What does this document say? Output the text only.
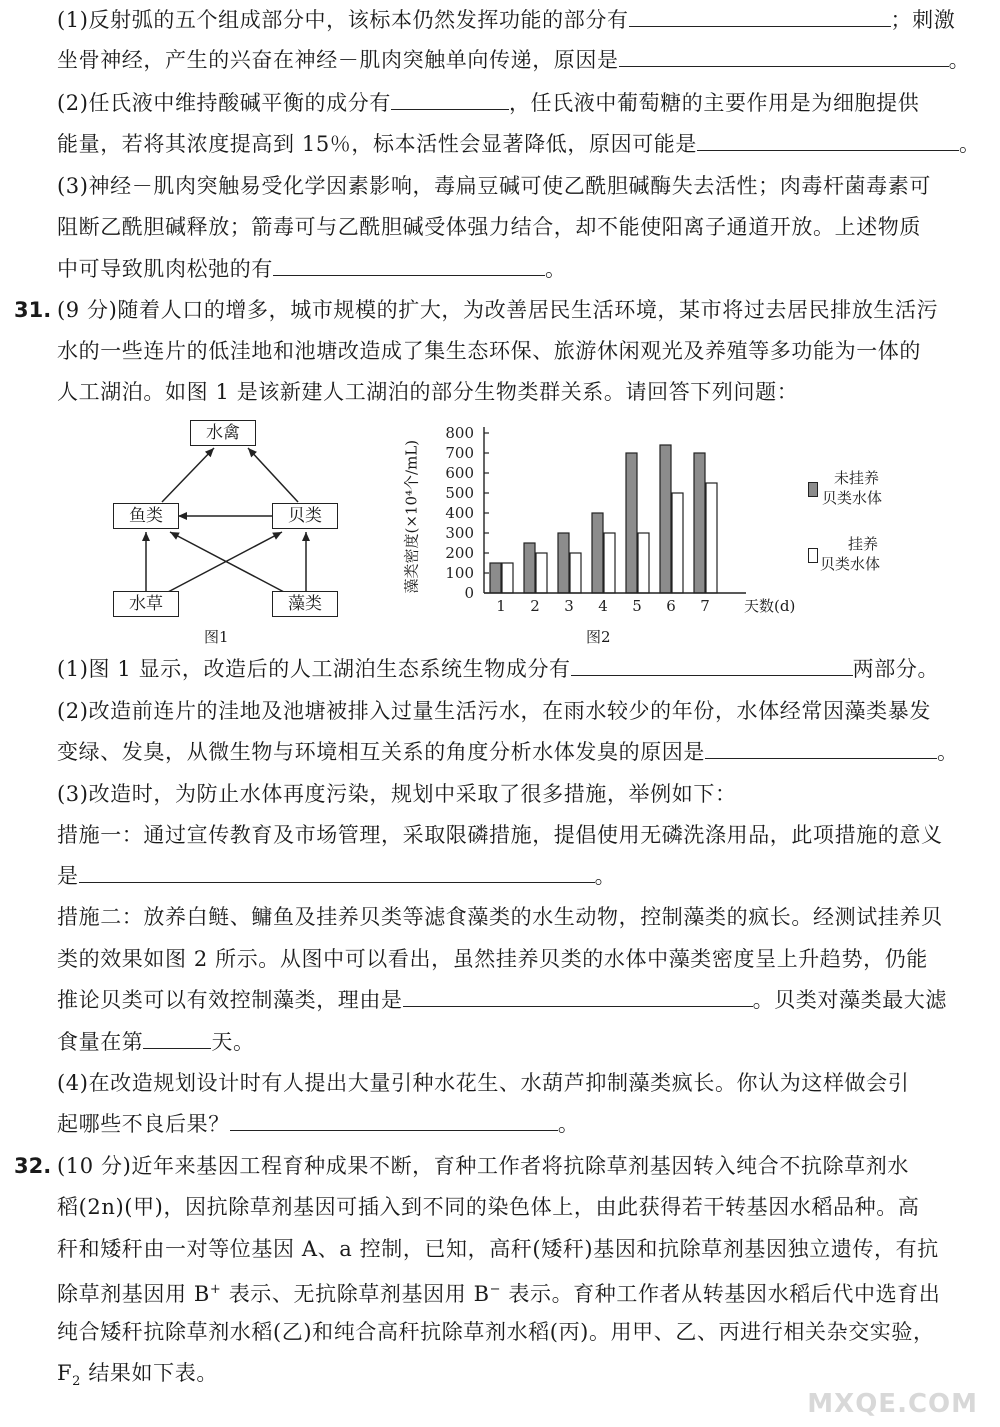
(1)反射弧的五个组成部分中，该标本仍然发挥功能的部分有	；刺激
坐骨神经，产生的兴奋在神经－肌肉突触单向传递，原因是	。
(2)任氏液中维持酸碱平衡的成分有	，任氏液中葡萄糖的主要作用是为细胞提供
能量，若将其浓度提高到 15％，标本活性会显著降低，原因可能是	。
(3)神经－肌肉突触易受化学因素影响，毒扁豆碱可使乙酰胆碱酶失去活性；肉毒杆菌毒素可
阻断乙酰胆碱释放；箭毒可与乙酰胆碱受体强力结合，却不能使阳离子通道开放。上述物质
中可导致肌肉松弛的有	。
31. (9 分)随着人口的增多，城市规模的扩大，为改善居民生活环境，某市将过去居民排放生活污
水的一些连片的低洼地和池塘改造成了集生态环保、旅游休闲观光及养殖等多功能为一体的
人工湖泊。如图 1 是该新建人工湖泊的部分生物类群关系。请回答下列问题：
水禽
鱼类	贝类
水草	藻类
图1
1 2 3 4 5 6 7
0
100
200
300
400
500
600
700
800
藻类密度(×10⁴个/mL)
天数(d)
未挂养
贝类水体
挂养
贝类水体
图2
(1)图 1 显示，改造后的人工湖泊生态系统生物成分有	两部分。
(2)改造前连片的洼地及池塘被排入过量生活污水，在雨水较少的年份，水体经常因藻类暴发
变绿、发臭，从微生物与环境相互关系的角度分析水体发臭的原因是	。
(3)改造时，为防止水体再度污染，规划中采取了很多措施，举例如下：
措施一：通过宣传教育及市场管理，采取限磷措施，提倡使用无磷洗涤用品，此项措施的意义
是	。
措施二：放养白鲢、鳙鱼及挂养贝类等滤食藻类的水生动物，控制藻类的疯长。经测试挂养贝
类的效果如图 2 所示。从图中可以看出，虽然挂养贝类的水体中藻类密度呈上升趋势，仍能
推论贝类可以有效控制藻类，理由是	。贝类对藻类最大滤
食量在第	天。
(4)在改造规划设计时有人提出大量引种水花生、水葫芦抑制藻类疯长。你认为这样做会引
起哪些不良后果？	。
32. (10 分)近年来基因工程育种成果不断，育种工作者将抗除草剂基因转入纯合不抗除草剂水
稻(2n)(甲)，因抗除草剂基因可插入到不同的染色体上，由此获得若干转基因水稻品种。高
秆和矮秆由一对等位基因 A、a 控制，已知，高秆(矮秆)基因和抗除草剂基因独立遗传，有抗
除草剂基因用 B+ 表示、无抗除草剂基因用 B− 表示。育种工作者从转基因水稻后代中选育出
纯合矮秆抗除草剂水稻(乙)和纯合高秆抗除草剂水稻(丙)。用甲、乙、丙进行相关杂交实验，
$F_2$ 结果如下表。
MXQE.COM
